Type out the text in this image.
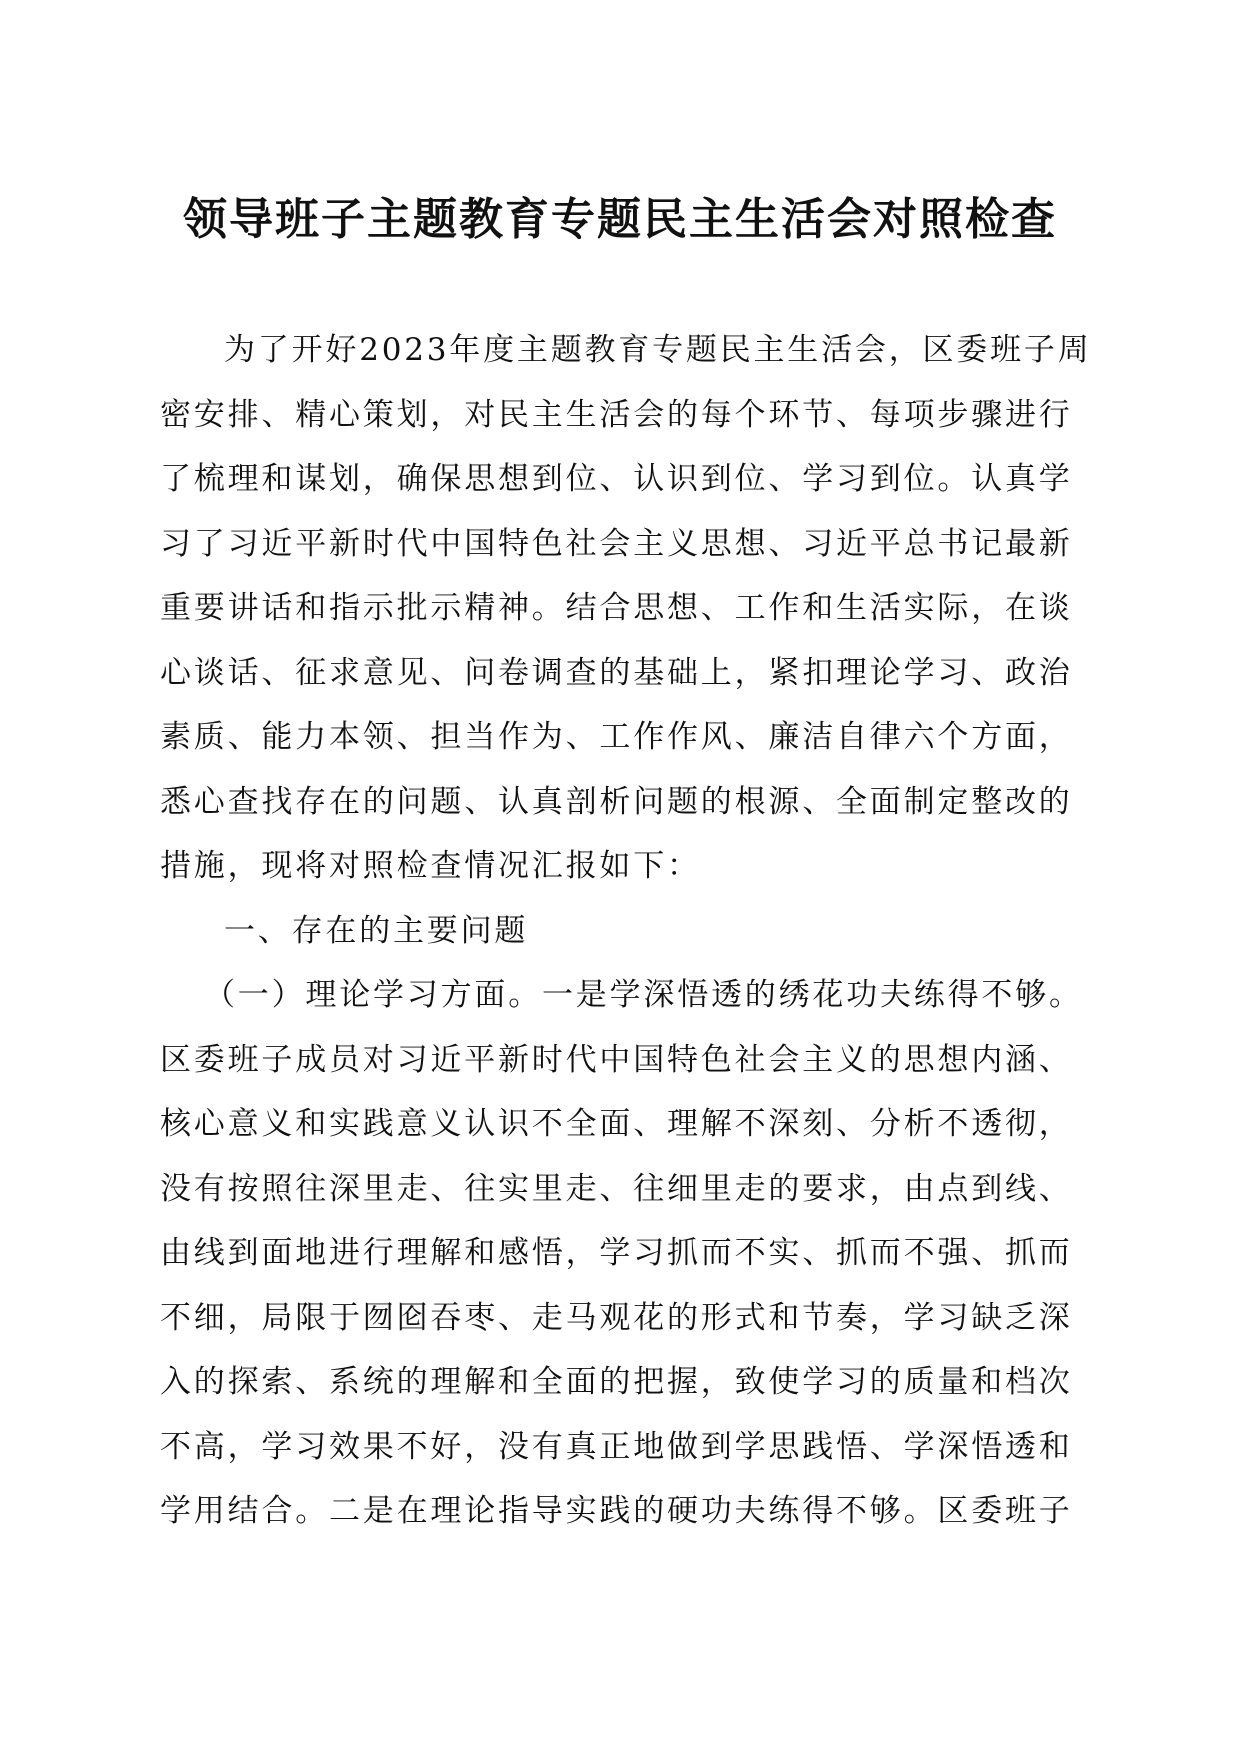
领导班子主题教育专题民主生活会对照检查
为了开好2023年度主题教育专题民主生活会，区委班子周
密安排、精心策划，对民主生活会的每个环节、每项步骤进行
了梳理和谋划，确保思想到位、认识到位、学习到位。认真学
习了习近平新时代中国特色社会主义思想、习近平总书记最新
重要讲话和指示批示精神。结合思想、工作和生活实际，在谈
心谈话、征求意见、问卷调查的基础上，紧扣理论学习、政治
素质、能力本领、担当作为、工作作风、廉洁自律六个方面，
悉心查找存在的问题、认真剖析问题的根源、全面制定整改的
措施，现将对照检查情况汇报如下：
一、存在的主要问题
（一）理论学习方面。一是学深悟透的绣花功夫练得不够。
区委班子成员对习近平新时代中国特色社会主义的思想内涵、
核心意义和实践意义认识不全面、理解不深刻、分析不透彻，
没有按照往深里走、往实里走、往细里走的要求，由点到线、
由线到面地进行理解和感悟，学习抓而不实、抓而不强、抓而
不细，局限于囫囵吞枣、走马观花的形式和节奏，学习缺乏深
入的探索、系统的理解和全面的把握，致使学习的质量和档次
不高，学习效果不好，没有真正地做到学思践悟、学深悟透和
学用结合。二是在理论指导实践的硬功夫练得不够。区委班子
